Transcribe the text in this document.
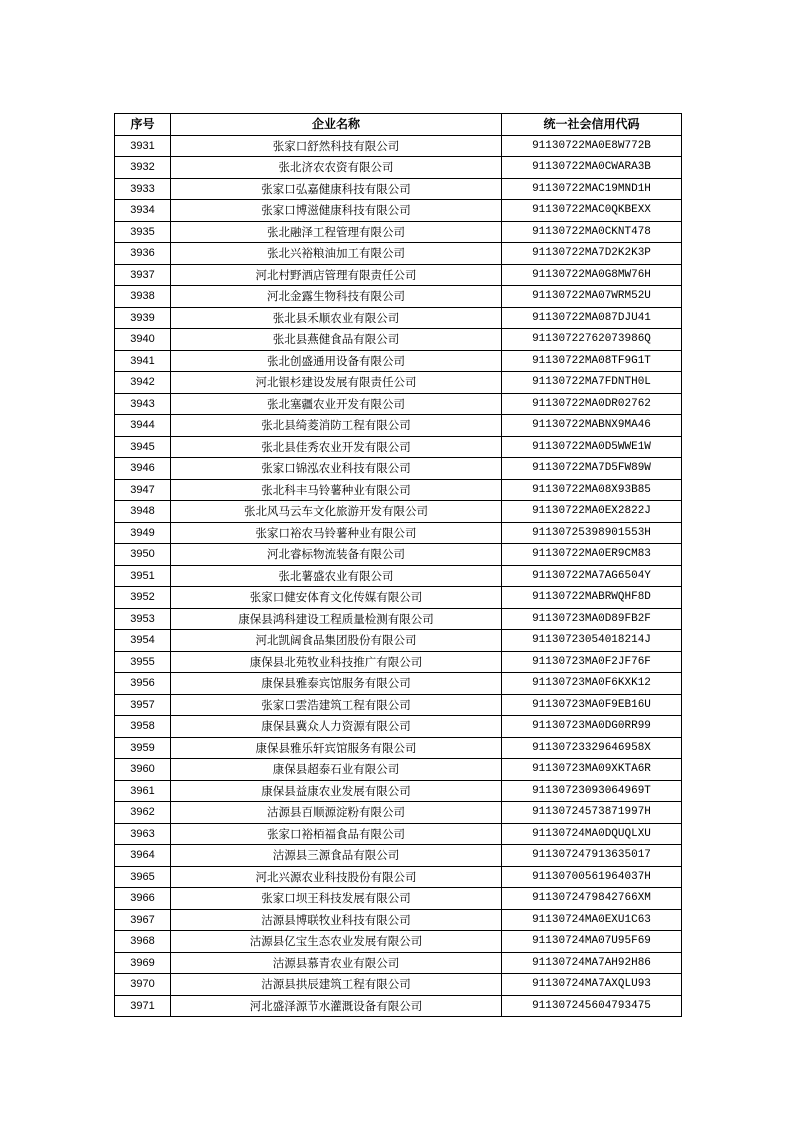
序号	企业名称	统一社会信用代码
3931	张家口舒然科技有限公司	91130722MA0E8W772B
3932	张北济农农资有限公司	91130722MA0CWARA3B
3933	张家口弘嘉健康科技有限公司	91130722MAC19MND1H
3934	张家口博滋健康科技有限公司	91130722MAC0QKBEXX
3935	张北融泽工程管理有限公司	91130722MA0CKNT478
3936	张北兴裕粮油加工有限公司	91130722MA7D2K2K3P
3937	河北村野酒店管理有限责任公司	91130722MA0G8MW76H
3938	河北金露生物科技有限公司	91130722MA07WRM52U
3939	张北县禾顺农业有限公司	91130722MA087DJU41
3940	张北县燕健食品有限公司	91130722762073986Q
3941	张北创盛通用设备有限公司	91130722MA08TF9G1T
3942	河北银杉建设发展有限责任公司	91130722MA7FDNTH0L
3943	张北塞疆农业开发有限公司	91130722MA0DR02762
3944	张北县绮菱消防工程有限公司	91130722MABNX9MA46
3945	张北县佳秀农业开发有限公司	91130722MA0D5WWE1W
3946	张家口锦泓农业科技有限公司	91130722MA7D5FW89W
3947	张北科丰马铃薯种业有限公司	91130722MA08X93B85
3948	张北风马云车文化旅游开发有限公司	91130722MA0EX2822J
3949	张家口裕农马铃薯种业有限公司	91130725398901553H
3950	河北睿标物流装备有限公司	91130722MA0ER9CM83
3951	张北薯盛农业有限公司	91130722MA7AG6504Y
3952	张家口健安体育文化传媒有限公司	91130722MABRWQHF8D
3953	康保县鸿科建设工程质量检测有限公司	91130723MA0D89FB2F
3954	河北凯阔食品集团股份有限公司	91130723054018214J
3955	康保县北苑牧业科技推广有限公司	91130723MA0F2JF76F
3956	康保县雅泰宾馆服务有限公司	91130723MA0F6KXK12
3957	张家口雲浩建筑工程有限公司	91130723MA0F9EB16U
3958	康保县冀众人力资源有限公司	91130723MA0DG0RR99
3959	康保县雅乐轩宾馆服务有限公司	91130723329646958X
3960	康保县超泰石业有限公司	91130723MA09XKTA6R
3961	康保县益康农业发展有限公司	91130723093064969T
3962	沽源县百顺源淀粉有限公司	91130724573871997H
3963	张家口裕栢福食品有限公司	91130724MA0DQUQLXU
3964	沽源县三源食品有限公司	911307247913635017
3965	河北兴源农业科技股份有限公司	91130700561964037H
3966	张家口坝王科技发展有限公司	9113072479842766XM
3967	沽源县博联牧业科技有限公司	91130724MA0EXU1C63
3968	沽源县亿宝生态农业发展有限公司	91130724MA07U95F69
3969	沽源县慕青农业有限公司	91130724MA7AH92H86
3970	沽源县拱辰建筑工程有限公司	91130724MA7AXQLU93
3971	河北盛泽源节水灌溉设备有限公司	911307245604793475
